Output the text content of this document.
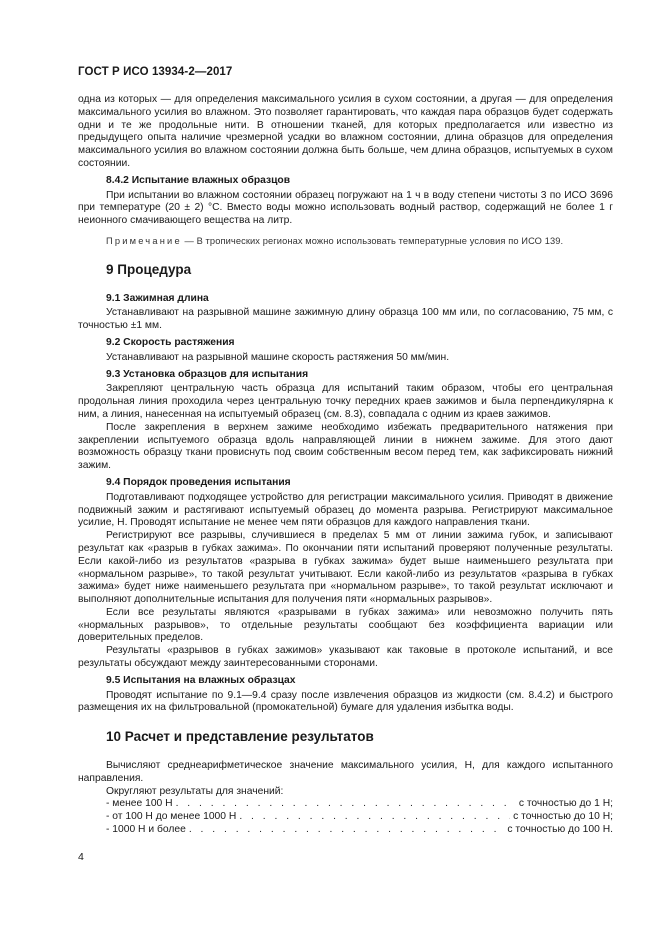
ГОСТ Р ИСО 13934-2—2017

одна из которых — для определения максимального усилия в сухом состоянии, а другая — для определения максимального усилия во влажном. Это позволяет гарантировать, что каждая пара образцов будет содержать одни и те же продольные нити. В отношении тканей, для которых предполагается или известно из предыдущего опыта наличие чрезмерной усадки во влажном состоянии, длина образцов для определения максимального усилия во влажном состоянии должна быть больше, чем длина образцов, испытуемых в сухом состоянии.

8.4.2 Испытание влажных образцов

При испытании во влажном состоянии образец погружают на 1 ч в воду степени чистоты 3 по ИСО 3696 при температуре (20 ± 2) °С. Вместо воды можно использовать водный раствор, содержащий не более 1 г неионного смачивающего вещества на литр.

Примечание — В тропических регионах можно использовать температурные условия по ИСО 139.

9 Процедура
9.1 Зажимная длина

Устанавливают на разрывной машине зажимную длину образца 100 мм или, по согласованию, 75 мм, с точностью ±1 мм.

9.2 Скорость растяжения

Устанавливают на разрывной машине скорость растяжения 50 мм/мин.

9.3 Установка образцов для испытания

Закрепляют центральную часть образца для испытаний таким образом, чтобы его центральная продольная линия проходила через центральную точку передних краев зажимов и была перпендикулярна к ним, а линия, нанесенная на испытуемый образец (см. 8.3), совпадала с одним из краев зажимов.

После закрепления в верхнем зажиме необходимо избежать предварительного натяжения при закреплении испытуемого образца вдоль направляющей линии в нижнем зажиме. Для этого дают возможность образцу ткани провиснуть под своим собственным весом перед тем, как зафиксировать нижний зажим.

9.4 Порядок проведения испытания

Подготавливают подходящее устройство для регистрации максимального усилия. Приводят в движение подвижный зажим и растягивают испытуемый образец до момента разрыва. Регистрируют максимальное усилие, Н. Проводят испытание не менее чем пяти образцов для каждого направления ткани.

Регистрируют все разрывы, случившиеся в пределах 5 мм от линии зажима губок, и записывают результат как «разрыв в губках зажима». По окончании пяти испытаний проверяют полученные результаты. Если какой-либо из результатов «разрыва в губках зажима» будет выше наименьшего результата при «нормальном разрыве», то такой результат учитывают. Если какой-либо из результатов «разрыва в губках зажима» будет ниже наименьшего результата при «нормальном разрыве», то такой результат исключают и выполняют дополнительные испытания для получения пяти «нормальных разрывов».

Если все результаты являются «разрывами в губках зажима» или невозможно получить пять «нормальных разрывов», то отдельные результаты сообщают без коэффициента вариации или доверительных пределов.

Результаты «разрывов в губках зажимов» указывают как таковые в протоколе испытаний, и все результаты обсуждают между заинтересованными сторонами.

9.5 Испытания на влажных образцах

Проводят испытание по 9.1—9.4 сразу после извлечения образцов из жидкости (см. 8.4.2) и быстрого размещения их на фильтровальной (промокательной) бумаге для удаления избытка воды.

10 Расчет и представление результатов

Вычисляют среднеарифметическое значение максимального усилия, Н, для каждого испытанного направления.

Округляют результаты для значений:
- менее 100 Н . . .	с точностью до 1 Н;
- от 100 Н до менее 1000 Н . . .	с точностью до 10 Н;
- 1000 Н и более . . .	с точностью до 100 Н.
4
